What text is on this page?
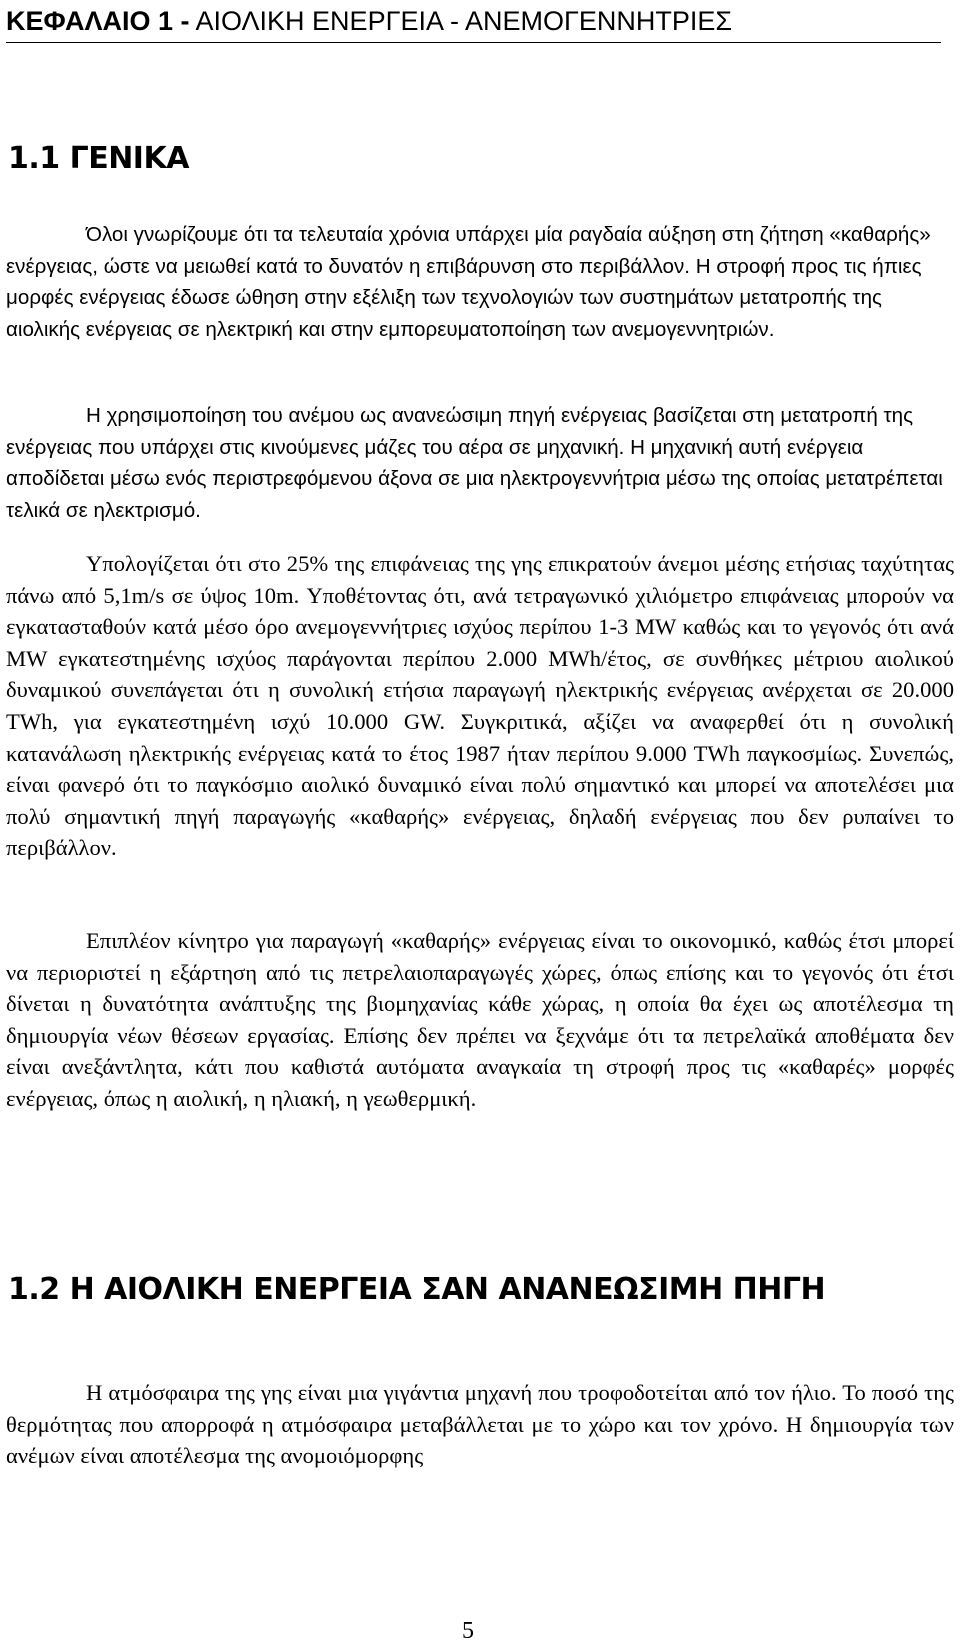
ΚΕΦΑΛΑΙΟ 1 - ΑΙΟΛΙΚΗ ΕΝΕΡΓΕΙΑ - ΑΝΕΜΟΓΕΝΝΗΤΡΙΕΣ
1.1 ΓΕΝΙΚΑ

Όλοι γνωρίζουμε ότι τα τελευταία χρόνια υπάρχει μία ραγδαία αύξηση στη ζήτηση «καθαρής» ενέργειας, ώστε να μειωθεί κατά το δυνατόν η επιβάρυνση στο περιβάλλον. Η στροφή προς τις ήπιες μορφές ενέργειας έδωσε ώθηση στην εξέλιξη των τεχνολογιών των συστημάτων μετατροπής της αιολικής ενέργειας σε ηλεκτρική και στην εμπορευματοποίηση των ανεμογεννητριών.

Η χρησιμοποίηση του ανέμου ως ανανεώσιμη πηγή ενέργειας βασίζεται στη μετατροπή της ενέργειας που υπάρχει στις κινούμενες μάζες του αέρα σε μηχανική. Η μηχανική αυτή ενέργεια αποδίδεται μέσω ενός περιστρεφόμενου άξονα σε μια ηλεκτρογεννήτρια μέσω της οποίας μετατρέπεται τελικά σε ηλεκτρισμό.

Υπολογίζεται ότι στο 25% της επιφάνειας της γης επικρατούν άνεμοι μέσης ετήσιας ταχύτητας πάνω από 5,1m/s σε ύψος 10m. Υποθέτοντας ότι, ανά τετραγωνικό χιλιόμετρο επιφάνειας μπορούν να εγκατασταθούν κατά μέσο όρο ανεμογεννήτριες ισχύος περίπου 1-3 MW καθώς και το γεγονός ότι ανά MW εγκατεστημένης ισχύος παράγονται περίπου 2.000 MWh/έτος, σε συνθήκες μέτριου αιολικού δυναμικού συνεπάγεται ότι η συνολική ετήσια παραγωγή ηλεκτρικής ενέργειας ανέρχεται σε 20.000 TWh, για εγκατεστημένη ισχύ 10.000 GW. Συγκριτικά, αξίζει να αναφερθεί ότι η συνολική κατανάλωση ηλεκτρικής ενέργειας κατά το έτος 1987 ήταν περίπου 9.000 TWh παγκοσμίως. Συνεπώς, είναι φανερό ότι το παγκόσμιο αιολικό δυναμικό είναι πολύ σημαντικό και μπορεί να αποτελέσει μια πολύ σημαντική πηγή παραγωγής «καθαρής» ενέργειας, δηλαδή ενέργειας που δεν ρυπαίνει το περιβάλλον.

Επιπλέον κίνητρο για παραγωγή «καθαρής» ενέργειας είναι το οικονομικό, καθώς έτσι μπορεί να περιοριστεί η εξάρτηση από τις πετρελαιοπαραγωγές χώρες, όπως επίσης και το γεγονός ότι έτσι δίνεται η δυνατότητα ανάπτυξης της βιομηχανίας κάθε χώρας, η οποία θα έχει ως αποτέλεσμα τη δημιουργία νέων θέσεων εργασίας. Επίσης δεν πρέπει να ξεχνάμε ότι τα πετρελαϊκά αποθέματα δεν είναι ανεξάντλητα, κάτι που καθιστά αυτόματα αναγκαία τη στροφή προς τις «καθαρές» μορφές ενέργειας, όπως η αιολική, η ηλιακή, η γεωθερμική.

1.2 Η ΑΙΟΛΙΚΗ ΕΝΕΡΓΕΙΑ ΣΑΝ ΑΝΑΝΕΩΣΙΜΗ ΠΗΓΗ

Η ατμόσφαιρα της γης είναι μια γιγάντια μηχανή που τροφοδοτείται από τον ήλιο. Το ποσό της θερμότητας που απορροφά η ατμόσφαιρα μεταβάλλεται με το χώρο και τον χρόνο. Η δημιουργία των ανέμων είναι αποτέλεσμα της ανομοιόμορφης

5
